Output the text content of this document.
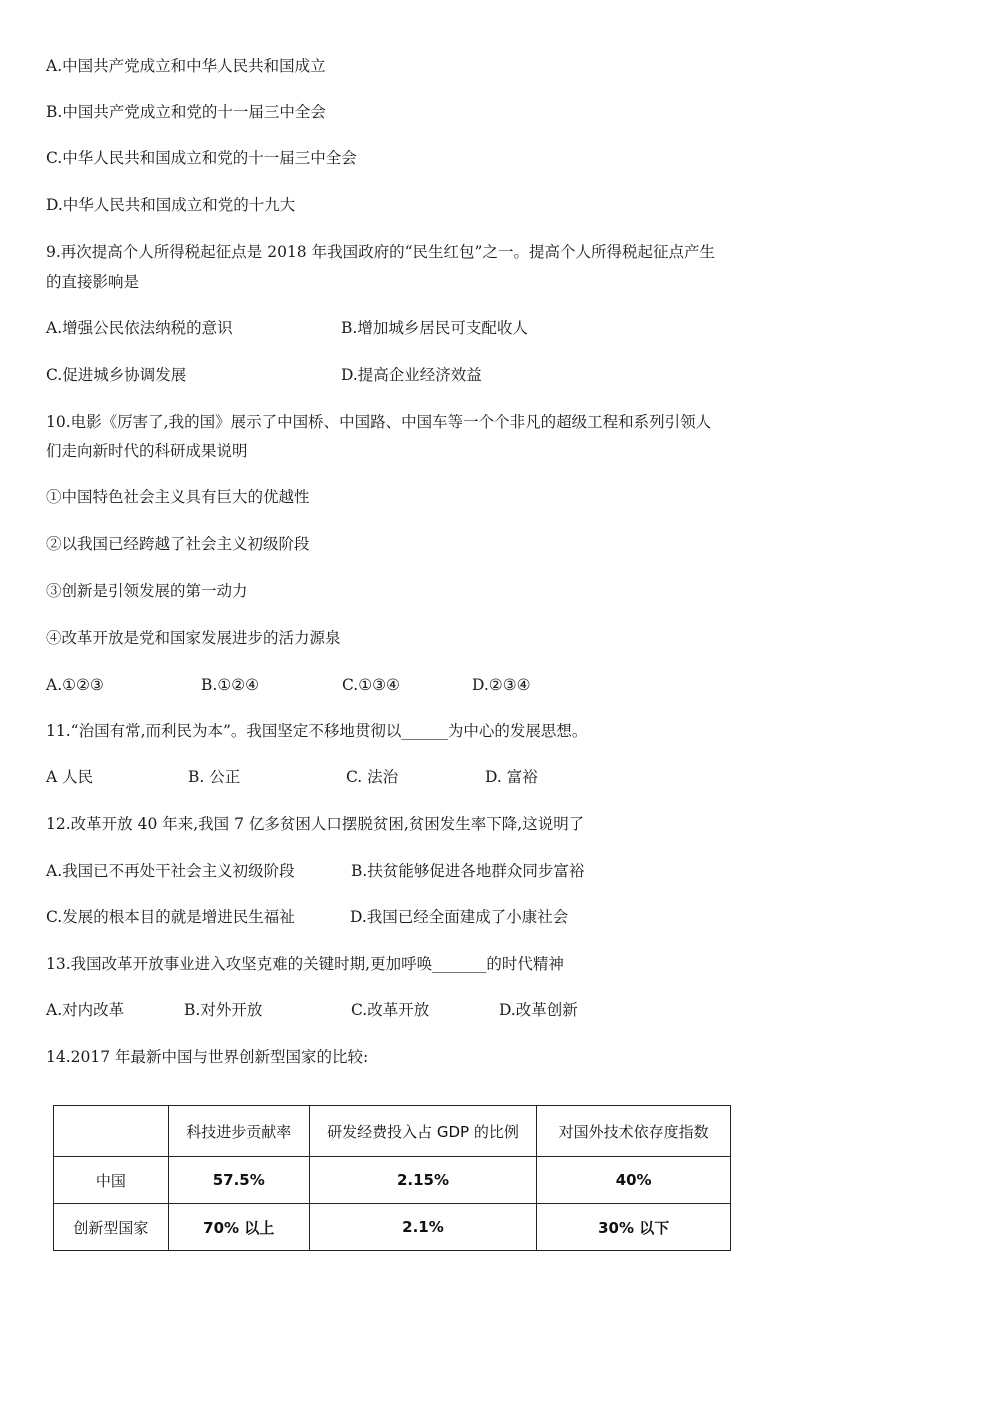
A.中国共产党成立和中华人民共和国成立
B.中国共产党成立和党的十一届三中全会
C.中华人民共和国成立和党的十一届三中全会
D.中华人民共和国成立和党的十九大
9.再次提高个人所得税起征点是 2018 年我国政府的“民生红包”之一。提高个人所得税起征点产生
的直接影响是
A.增强公民依法纳税的意识	B.增加城乡居民可支配收人
C.促进城乡协调发展	D.提高企业经济效益
10.电影《厉害了,我的国》展示了中国桥、中国路、中国车等一个个非凡的超级工程和系列引领人
们走向新时代的科研成果说明
①中国特色社会主义具有巨大的优越性
②以我国已经跨越了社会主义初级阶段
③创新是引领发展的第一动力
④改革开放是党和国家发展进步的活力源泉
A.①②③	B.①②④	C.①③④	D.②③④
11.“治国有常,而利民为本”。我国坚定不移地贯彻以______为中心的发展思想。
A 人民	B. 公正	C. 法治	D. 富裕
12.改革开放 40 年来,我国 7 亿多贫困人口摆脱贫困,贫困发生率下降,这说明了
A.我国已不再处干社会主义初级阶段	B.扶贫能够促进各地群众同步富裕
C.发展的根本目的就是增进民生福祉	D.我国已经全面建成了小康社会
13.我国改革开放事业进入攻坚克难的关键时期,更加呼唤_______的时代精神
A.对内改革	B.对外开放	C.改革开放	D.改革创新
14.2017 年最新中国与世界创新型国家的比较:
	科技进步贡献率	研发经费投入占 GDP 的比例	对国外技术依存度指数
中国	57.5%	2.15%	40%
创新型国家	70% 以上	2.1%	30% 以下
